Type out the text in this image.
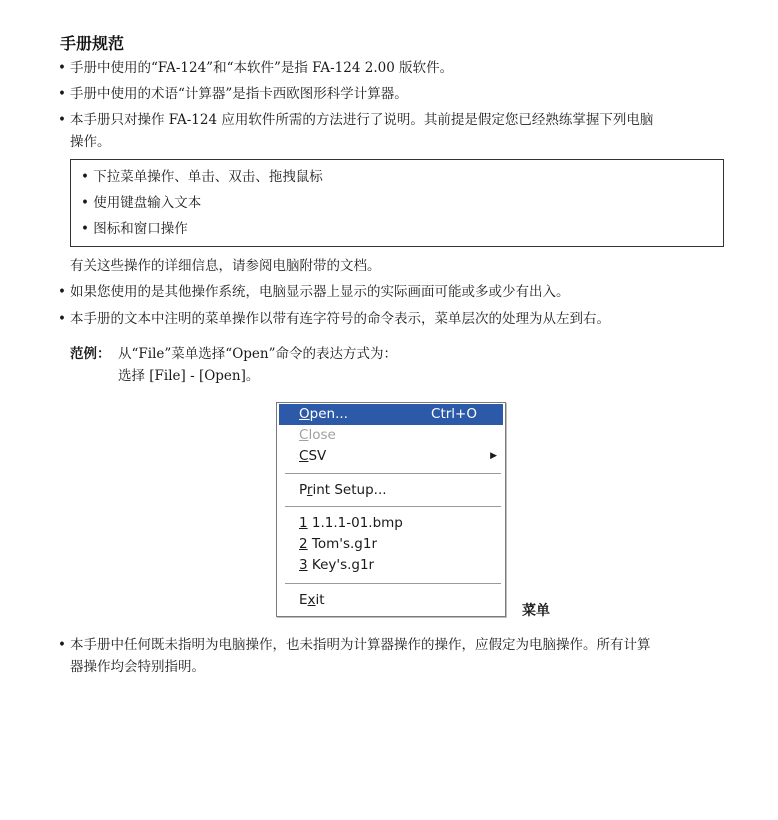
手册规范
• 手册中使用的“FA-124”和“本软件”是指 FA-124 2.00 版软件。
• 手册中使用的术语“计算器”是指卡西欧图形科学计算器。
• 本手册只对操作 FA-124 应用软件所需的方法进行了说明。其前提是假定您已经熟练掌握下列电脑
操作。
• 下拉菜单操作、单击、双击、拖拽鼠标
• 使用键盘输入文本
• 图标和窗口操作
有关这些操作的详细信息，请参阅电脑附带的文档。
• 如果您使用的是其他操作系统，电脑显示器上显示的实际画面可能或多或少有出入。
• 本手册的文本中注明的菜单操作以带有连字符号的命令表示，菜单层次的处理为从左到右。
范例： 从“File”菜单选择“Open”命令的表达方式为：
选择 [File] - [Open]。
Open...	Ctrl+O
Close
CSV	▶
Print Setup...
1 1.1.1-01.bmp
2 Tom's.g1r
3 Key's.g1r
Exit
菜单
• 本手册中任何既未指明为电脑操作，也未指明为计算器操作的操作，应假定为电脑操作。所有计算
器操作均会特别指明。
